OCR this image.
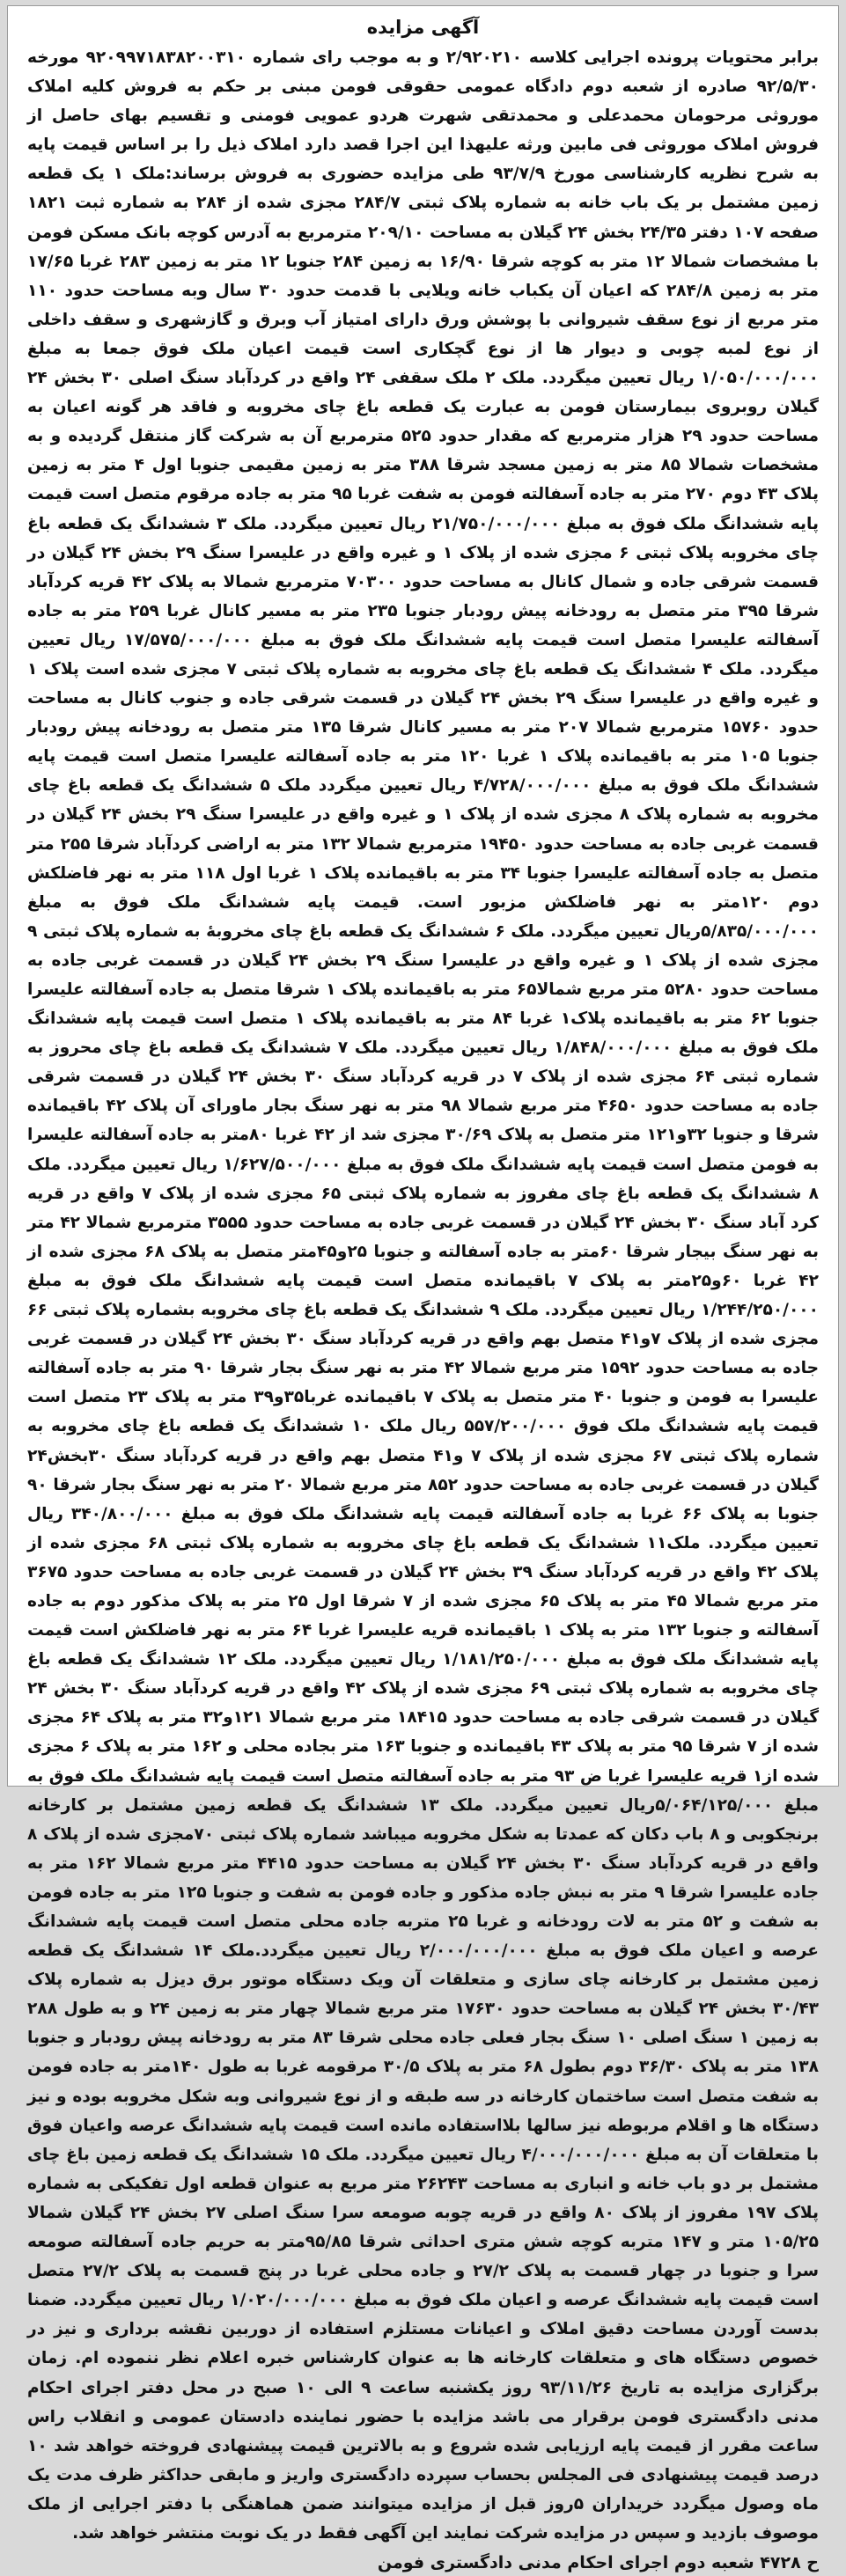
آگهی مزایده

برابر محتویات پرونده اجرایی کلاسه ۲/۹۲۰۲۱۰ و به موجب رای شماره ۹۲۰۹۹۷۱۸۳۸۲۰۰۳۱۰ مورخه ۹۲/۵/۳۰ صادره از شعبه دوم دادگاه عمومی حقوقی فومن مبنی بر حکم به فروش کلیه املاک موروثی مرحومان محمدعلی و محمدتقی شهرت هردو عمویی فومنی و تقسیم بهای حاصل از فروش املاک موروثی فی مابین ورثه علیهذا این اجرا قصد دارد املاک ذیل را بر اساس قیمت پایه به شرح نظریه کارشناسی مورخ ۹۳/۷/۹ طی مزایده حضوری به فروش برساند:ملک ۱ یک قطعه زمین مشتمل بر یک باب خانه به شماره پلاک ثبتی ۲۸۴/۷ مجزی شده از ۲۸۴ به شماره ثبت ۱۸۲۱ صفحه ۱۰۷ دفتر ۲۴/۳۵ بخش ۲۴ گیلان به مساحت ۲۰۹/۱۰ مترمربع به آدرس کوچه بانک مسکن فومن با مشخصات شمالا ۱۲ متر به کوچه شرقا ۱۶/۹۰ به زمین ۲۸۴ جنوبا ۱۲ متر به زمین ۲۸۳ غربا ۱۷/۶۵ متر به زمین ۲۸۴/۸ که اعیان آن یکباب خانه ویلایی با قدمت حدود ۳۰ سال وبه مساحت حدود ۱۱۰ متر مربع از نوع سقف شیروانی با پوشش ورق دارای امتیاز آب وبرق و گازشهری و سقف داخلی از نوع لمبه چوبی و دیوار ها از نوع گچکاری است قیمت اعیان ملک فوق جمعا به مبلغ ۱/۰۵۰/۰۰۰/۰۰۰ ریال تعیین میگردد. ملک ۲ ملک سقفی ۲۴ واقع در کردآباد سنگ اصلی ۳۰ بخش ۲۴ گیلان روبروی بیمارستان فومن به عبارت یک قطعه باغ چای مخروبه و فاقد هر گونه اعیان به مساحت حدود ۲۹ هزار مترمربع که مقدار حدود ۵۲۵ مترمربع آن به شرکت گاز منتقل گردیده و به مشخصات شمالا ۸۵ متر به زمین مسجد شرقا ۳۸۸ متر به زمین مقیمی جنوبا اول ۴ متر به زمین پلاک ۴۳ دوم ۲۷۰ متر به جاده آسفالته فومن به شفت غربا ۹۵ متر به جاده مرقوم متصل است قیمت پایه ششدانگ ملک فوق به مبلغ ۲۱/۷۵۰/۰۰۰/۰۰۰ ریال تعیین میگردد. ملک ۳ ششدانگ یک قطعه باغ چای مخروبه پلاک ثبتی ۶ مجزی شده از پلاک ۱ و غیره واقع در علیسرا سنگ ۲۹ بخش ۲۴ گیلان در قسمت شرقی جاده و شمال کانال به مساحت حدود ۷۰۳۰۰ مترمربع شمالا به پلاک ۴۲ قریه کردآباد شرقا ۳۹۵ متر متصل به رودخانه پیش رودبار جنوبا ۲۳۵ متر به مسیر کانال غربا ۲۵۹ متر به جاده آسفالته علیسرا متصل است قیمت پایه ششدانگ ملک فوق به مبلغ ۱۷/۵۷۵/۰۰۰/۰۰۰ ریال تعیین میگردد. ملک ۴ ششدانگ یک قطعه باغ چای مخروبه به شماره پلاک ثبتی ۷ مجزی شده است پلاک ۱ و غیره واقع در علیسرا سنگ ۲۹ بخش ۲۴ گیلان در قسمت شرقی جاده و جنوب کانال به مساحت حدود ۱۵۷۶۰ مترمربع شمالا ۲۰۷ متر به مسیر کانال شرقا ۱۳۵ متر متصل به رودخانه پیش رودبار جنوبا ۱۰۵ متر به باقیمانده پلاک ۱ غربا ۱۲۰ متر به جاده آسفالته علیسرا متصل است قیمت پایه ششدانگ ملک فوق به مبلغ ۴/۷۲۸/۰۰۰/۰۰۰ ریال تعیین میگردد ملک ۵ ششدانگ یک قطعه باغ چای مخروبه به شماره پلاک ۸ مجزی شده از پلاک ۱ و غیره واقع در علیسرا سنگ ۲۹ بخش ۲۴ گیلان در قسمت غربی جاده به مساحت حدود ۱۹۴۵۰ مترمربع شمالا ۱۳۲ متر به اراضی کردآباد شرقا ۲۵۵ متر متصل به جاده آسفالته علیسرا جنوبا ۳۴ متر به باقیمانده پلاک ۱ غربا اول ۱۱۸ متر به نهر فاضلکش دوم ۱۲۰متر به نهر فاضلکش مزبور است. قیمت پایه ششدانگ ملک فوق به مبلغ ۵/۸۳۵/۰۰۰/۰۰۰ریال تعیین میگردد. ملک ۶ ششدانگ یک قطعه باغ چای مخروبهٔ به شماره پلاک ثبتی ۹ مجزی شده از پلاک ۱ و غیره واقع در علیسرا سنگ ۲۹ بخش ۲۴ گیلان در قسمت غربی جاده به مساحت حدود ۵۲۸۰ متر مربع شمالا۶۵ متر به باقیمانده پلاک ۱ شرقا متصل به جاده آسفالته علیسرا جنوبا ۶۲ متر به باقیمانده پلاک۱ غربا ۸۴ متر به باقیمانده پلاک ۱ متصل است قیمت پایه ششدانگ ملک فوق به مبلغ ۱/۸۴۸/۰۰۰/۰۰۰ ریال تعیین میگردد. ملک ۷ ششدانگ یک قطعه باغ چای محروز به شماره ثبتی ۶۴ مجزی شده از پلاک ۷ در قریه کردآباد سنگ ۳۰ بخش ۲۴ گیلان در قسمت شرقی جاده به مساحت حدود ۴۶۵۰ متر مربع شمالا ۹۸ متر به نهر سنگ بجار ماورای آن پلاک ۴۲ باقیمانده شرقا و جنوبا ۳۲و۱۲۱ متر متصل به پلاک ۳۰/۶۹ مجزی شد از ۴۲ غربا ۸۰متر به جاده آسفالته علیسرا به فومن متصل است قیمت پایه ششدانگ ملک فوق به مبلغ ۱/۶۲۷/۵۰۰/۰۰۰ ریال تعیین میگردد. ملک ۸ ششدانگ یک قطعه باغ چای مفروز به شماره پلاک ثبتی ۶۵ مجزی شده از پلاک ۷ واقع در قریه کرد آباد سنگ ۳۰ بخش ۲۴ گیلان در قسمت غربی جاده به مساحت حدود ۳۵۵۵ مترمربع شمالا ۴۲ متر به نهر سنگ بیجار شرقا ۶۰متر به جاده آسفالته و جنوبا ۲۵و۴۵متر متصل به پلاک ۶۸ مجزی شده از ۴۲ غربا ۶۰و۲۵متر به پلاک ۷ باقیمانده متصل است قیمت پایه ششدانگ ملک فوق به مبلغ ۱/۲۴۴/۲۵۰/۰۰۰ ریال تعیین میگردد. ملک ۹ ششدانگ یک قطعه باغ چای مخروبه بشماره پلاک ثبتی ۶۶ مجزی شده از پلاک ۷و۴۱ متصل بهم واقع در قریه کردآباد سنگ ۳۰ بخش ۲۴ گیلان در قسمت غربی جاده به مساحت حدود ۱۵۹۲ متر مربع شمالا ۴۲ متر به نهر سنگ بجار شرقا ۹۰ متر به جاده آسفالته علیسرا به فومن و جنوبا ۴۰ متر متصل به پلاک ۷ باقیمانده غربا۳۵و۳۹ متر به پلاک ۲۳ متصل است قیمت پایه ششدانگ ملک فوق ۵۵۷/۲۰۰/۰۰۰ ریال ملک ۱۰ ششدانگ یک قطعه باغ چای مخروبه به شماره پلاک ثبتی ۶۷ مجزی شده از پلاک ۷ و۴۱ متصل بهم واقع در قریه کردآباد سنگ ۳۰بخش۲۴ گیلان در قسمت غربی جاده به مساحت حدود ۸۵۲ متر مربع شمالا ۲۰ متر به نهر سنگ بجار شرقا ۹۰ جنوبا به پلاک ۶۶ غربا به جاده آسفالته قیمت پایه ششدانگ ملک فوق به مبلغ ۳۴۰/۸۰۰/۰۰۰ ریال تعیین میگردد. ملک۱۱ ششدانگ یک قطعه باغ چای مخروبه به شماره پلاک ثبتی ۶۸ مجزی شده از پلاک ۴۲ واقع در قریه کردآباد سنگ ۳۹ بخش ۲۴ گیلان در قسمت غربی جاده به مساحت حدود ۳۶۷۵ متر مربع شمالا ۴۵ متر به پلاک ۶۵ مجزی شده از ۷ شرقا اول ۲۵ متر به پلاک مذکور دوم به جاده آسفالته و جنوبا ۱۳۲ متر به پلاک ۱ باقیمانده قریه علیسرا غربا ۶۴ متر به نهر فاضلکش است قیمت پایه ششدانگ ملک فوق به مبلغ ۱/۱۸۱/۲۵۰/۰۰۰ ریال تعیین میگردد. ملک ۱۲ ششدانگ یک قطعه باغ چای مخروبه به شماره پلاک ثبتی ۶۹ مجزی شده از پلاک ۴۲ واقع در قریه کردآباد سنگ ۳۰ بخش ۲۴ گیلان در قسمت شرقی جاده به مساحت حدود ۱۸۴۱۵ متر مربع شمالا ۱۲۱و۳۲ متر به پلاک ۶۴ مجزی شده از ۷ شرقا ۹۵ متر به پلاک ۴۳ باقیمانده و جنوبا ۱۶۳ متر بجاده محلی و ۱۶۲ متر به پلاک ۶ مجزی شده از۱ قریه علیسرا غربا ض ۹۳ متر به جاده آسفالته متصل است قیمت پایه ششدانگ ملک فوق به مبلغ ۵/۰۶۴/۱۲۵/۰۰۰ریال تعیین میگردد. ملک ۱۳ ششدانگ یک قطعه زمین مشتمل بر کارخانه برنجکوبی و ۸ باب دکان که عمدتا به شکل مخروبه میباشد شماره پلاک ثبتی ۷۰مجزی شده از پلاک ۸ واقع در قریه کردآباد سنگ ۳۰ بخش ۲۴ گیلان به مساحت حدود ۴۴۱۵ متر مربع شمالا ۱۶۲ متر به جاده علیسرا شرقا ۹ متر به نبش جاده مذکور و جاده فومن به شفت و جنوبا ۱۲۵ متر به جاده فومن به شفت و ۵۲ متر به لات رودخانه و غربا ۲۵ متربه جاده محلی متصل است قیمت پایه ششدانگ عرصه و اعیان ملک فوق به مبلغ ۲/۰۰۰/۰۰۰/۰۰۰ ریال تعیین میگردد.ملک ۱۴ ششدانگ یک قطعه زمین مشتمل بر کارخانه چای سازی و متعلقات آن ویک دستگاه موتور برق دیزل به شماره پلاک ۳۰/۴۳ بخش ۲۴ گیلان به مساحت حدود ۱۷۶۳۰ متر مربع شمالا چهار متر به زمین ۲۴ و به طول ۲۸۸ به زمین ۱ سنگ اصلی ۱۰ سنگ بجار فعلی جاده محلی شرقا ۸۳ متر به رودخانه پیش رودبار و جنوبا ۱۳۸ متر به پلاک ۳۶/۳۰ دوم بطول ۶۸ متر به پلاک ۳۰/۵ مرقومه غربا به طول ۱۴۰متر به جاده فومن به شفت متصل است ساختمان کارخانه در سه طبقه و از نوع شیروانی وبه شکل مخروبه بوده و نیز دستگاه ها و اقلام مربوطه نیز سالها بلااستفاده مانده است قیمت پایه ششدانگ عرصه واعیان فوق با متعلقات آن به مبلغ ۴/۰۰۰/۰۰۰/۰۰۰ ریال تعیین میگردد. ملک ۱۵ ششدانگ یک قطعه زمین باغ چای مشتمل بر دو باب خانه و انباری به مساحت ۲۶۲۴۳ متر مربع به عنوان قطعه اول تفکیکی به شماره پلاک ۱۹۷ مفروز از پلاک ۸۰ واقع در قریه چوبه صومعه سرا سنگ اصلی ۲۷ بخش ۲۴ گیلان شمالا ۱۰۵/۲۵ متر و ۱۴۷ متربه کوچه شش متری احداثی شرقا ۹۵/۸۵متر به حریم جاده آسفالته صومعه سرا و جنوبا در چهار قسمت به پلاک ۲۷/۲ و جاده محلی غربا در پنج قسمت به پلاک ۲۷/۲ متصل است قیمت پایه ششدانگ عرصه و اعیان ملک فوق به مبلغ ۱/۰۲۰/۰۰۰/۰۰۰ ریال تعیین میگردد. ضمنا بدست آوردن مساحت دقیق املاک و اعیانات مستلزم استفاده از دوربین نقشه برداری و نیز در خصوص دستگاه های و متعلقات کارخانه ها به عنوان کارشناس خبره اعلام نظر ننموده ام. زمان برگزاری مزایده به تاریخ ۹۳/۱۱/۲۶ روز یکشنبه ساعت ۹ الی ۱۰ صبح در محل دفتر اجرای احکام مدنی دادگستری فومن برقرار می باشد مزایده با حضور نماینده دادستان عمومی و انقلاب راس ساعت مقرر از قیمت پایه ارزیابی شده شروع و به بالاترین قیمت پیشنهادی فروخته خواهد شد ۱۰ درصد قیمت پیشنهادی فی المجلس بحساب سپرده دادگستری واریز و مابقی حداکثر ظرف مدت یک ماه وصول میگردد خریداران ۵روز قبل از مزایده میتوانند ضمن هماهنگی با دفتر اجرایی از ملک موصوف بازدید و سپس در مزایده شرکت نمایند این آگهی فقط در یک نوبت منتشر خواهد شد.

ح ۴۷۲۸ شعبه دوم اجرای احکام مدنی دادگستری فومن
